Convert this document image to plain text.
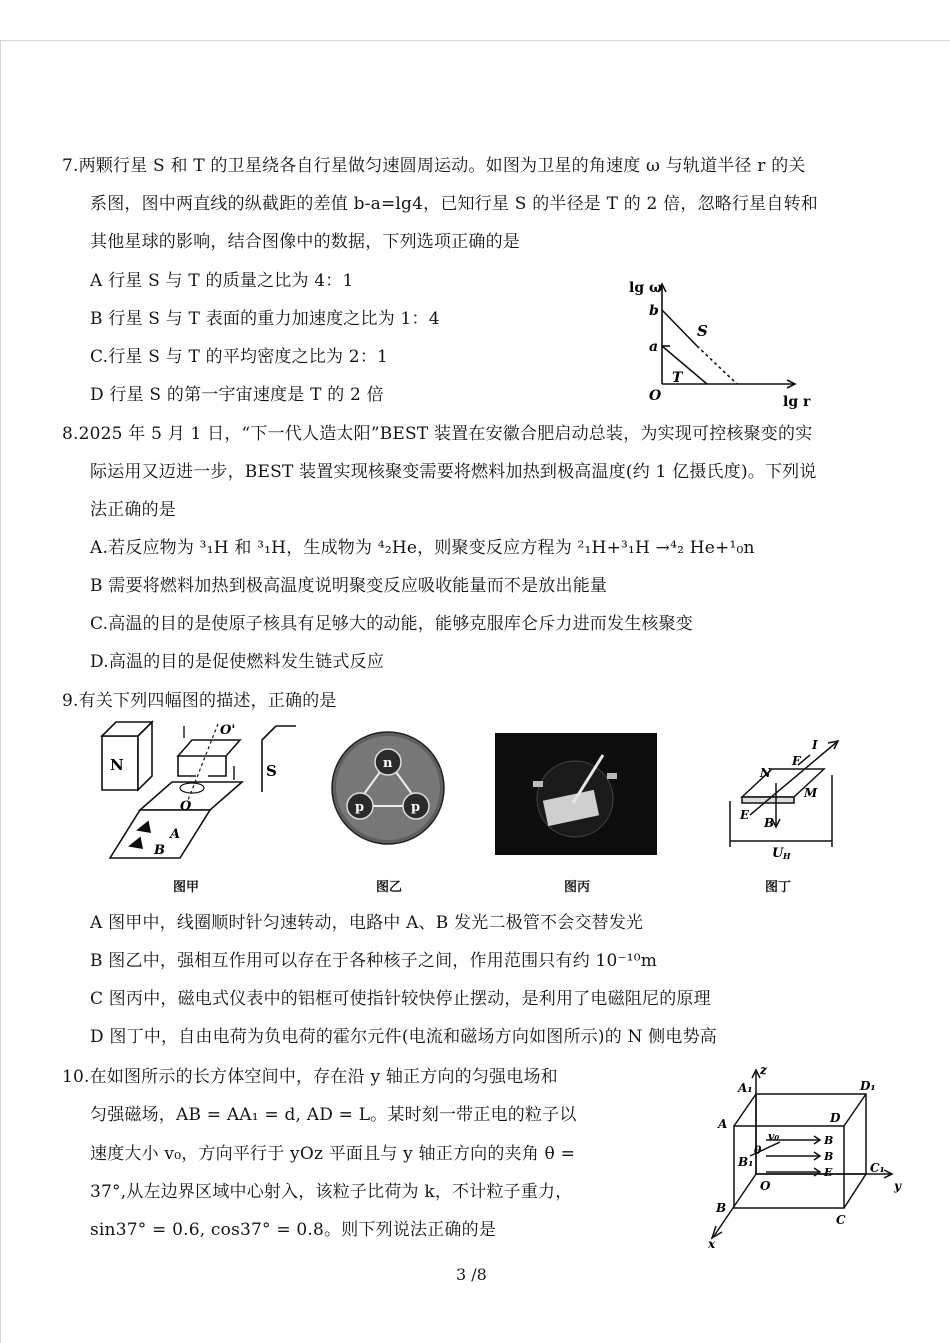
7.两颗行星 S 和 T 的卫星绕各自行星做匀速圆周运动。如图为卫星的角速度 ω 与轨道半径 r 的关
系图，图中两直线的纵截距的差值 b-a=lg4，已知行星 S 的半径是 T 的 2 倍，忽略行星自转和
其他星球的影响，结合图像中的数据，下列选项正确的是
A 行星 S 与 T 的质量之比为 4：1
B 行星 S 与 T 表面的重力加速度之比为 1：4
C.行星 S 与 T 的平均密度之比为 2：1
D 行星 S 的第一宇宙速度是 T 的 2 倍
lg ω
b
a
S
T
O	lg r
8.2025 年 5 月 1 日，“下一代人造太阳”BEST 装置在安徽合肥启动总装，为实现可控核聚变的实
际运用又迈进一步，BEST 装置实现核聚变需要将燃料加热到极高温度(约 1 亿摄氏度)。下列说
法正确的是
A.若反应物为 ³₁H 和 ³₁H，生成物为 ⁴₂He，则聚变反应方程为 ²₁H+³₁H →⁴₂ He+¹₀n
B 需要将燃料加热到极高温度说明聚变反应吸收能量而不是放出能量
C.高温的目的是使原子核具有足够大的动能，能够克服库仑斥力进而发生核聚变
D.高温的目的是促使燃料发生链式反应
9.有关下列四幅图的描述，正确的是
N	S
O'
O
A
B
n
p	p
N
F
I
M
E
B
U H
图甲	图乙	图丙	图丁
A 图甲中，线圈顺时针匀速转动，电路中 A、B 发光二极管不会交替发光
B 图乙中，强相互作用可以存在于各种核子之间，作用范围只有约 10⁻¹⁰m
C 图丙中，磁电式仪表中的铝框可使指针较快停止摆动，是利用了电磁阻尼的原理
D 图丁中，自由电荷为负电荷的霍尔元件(电流和磁场方向如图所示)的 N 侧电势高
10.在如图所示的长方体空间中，存在沿 y 轴正方向的匀强电场和
匀强磁场，AB = AA₁ = d, AD = L。某时刻一带正电的粒子以
速度大小 v₀，方向平行于 yOz 平面且与 y 轴正方向的夹角 θ =
37°,从左边界区域中心射入，该粒子比荷为 k，不计粒子重力，
sin37° = 0.6, cos37° = 0.8。则下列说法正确的是
z
y
x
O
A₁	D₁
A	D
B₁	C₁
B
C
v₀
θ
B
B
E
3 /8
